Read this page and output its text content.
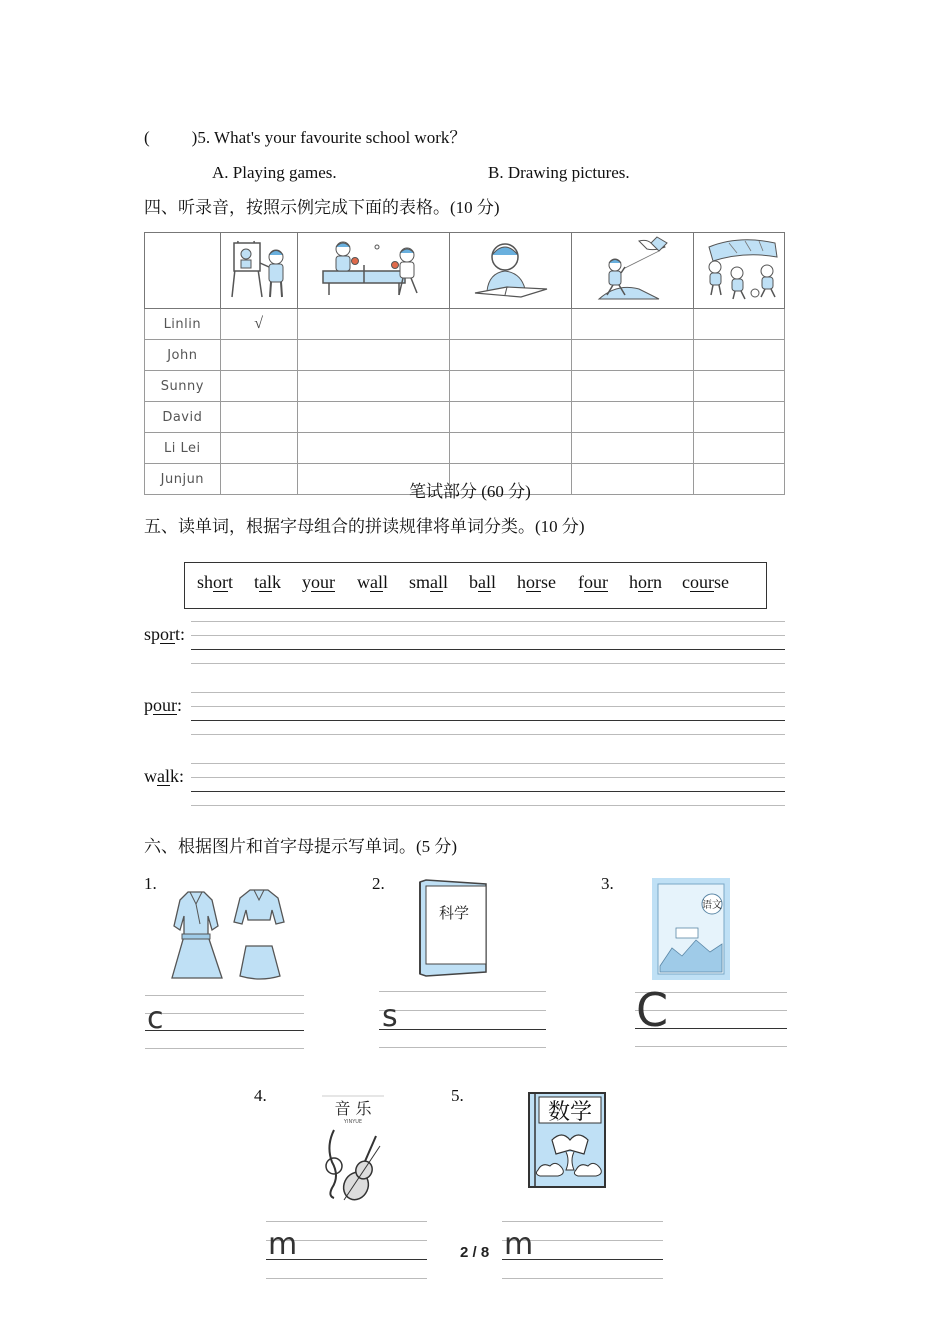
( )5. What's your favourite school work？
A. Playing games.	B. Drawing pictures.
四、听录音，按照示例完成下面的表格。(10 分)

Linlin	√				
John					
Sunny					
David					
Li Lei					
Junjun					
笔试部分 (60 分)
五、读单词，根据字母组合的拼读规律将单词分类。(10 分)
short talk your wall small ball horse four horn course
sport:
pour:
walk:
六、根据图片和首字母提示写单词。(5 分)
1.
c
2.
科学
s
3.
语文
C
4.
音 乐
YINYUE
m
5.
数学
m
2 / 8
